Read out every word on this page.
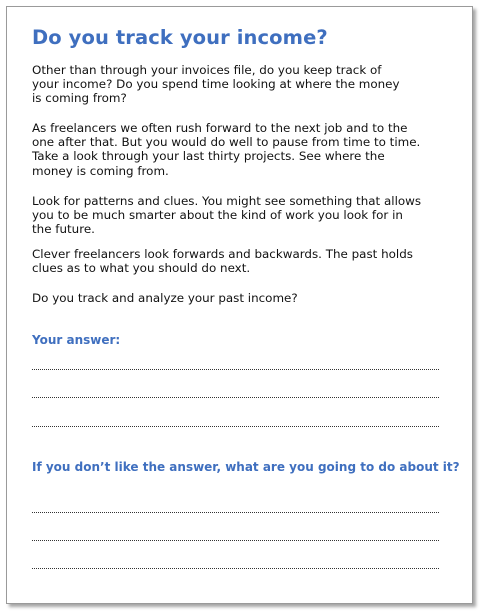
Do you track your income?

Other than through your invoices file, do you keep track of
your income? Do you spend time looking at where the money
is coming from?

As freelancers we often rush forward to the next job and to the
one after that. But you would do well to pause from time to time.
Take a look through your last thirty projects. See where the
money is coming from.

Look for patterns and clues. You might see something that allows
you to be much smarter about the kind of work you look for in
the future.

Clever freelancers look forwards and backwards. The past holds
clues as to what you should do next.

Do you track and analyze your past income?

Your answer:
If you don’t like the answer, what are you going to do about it?
